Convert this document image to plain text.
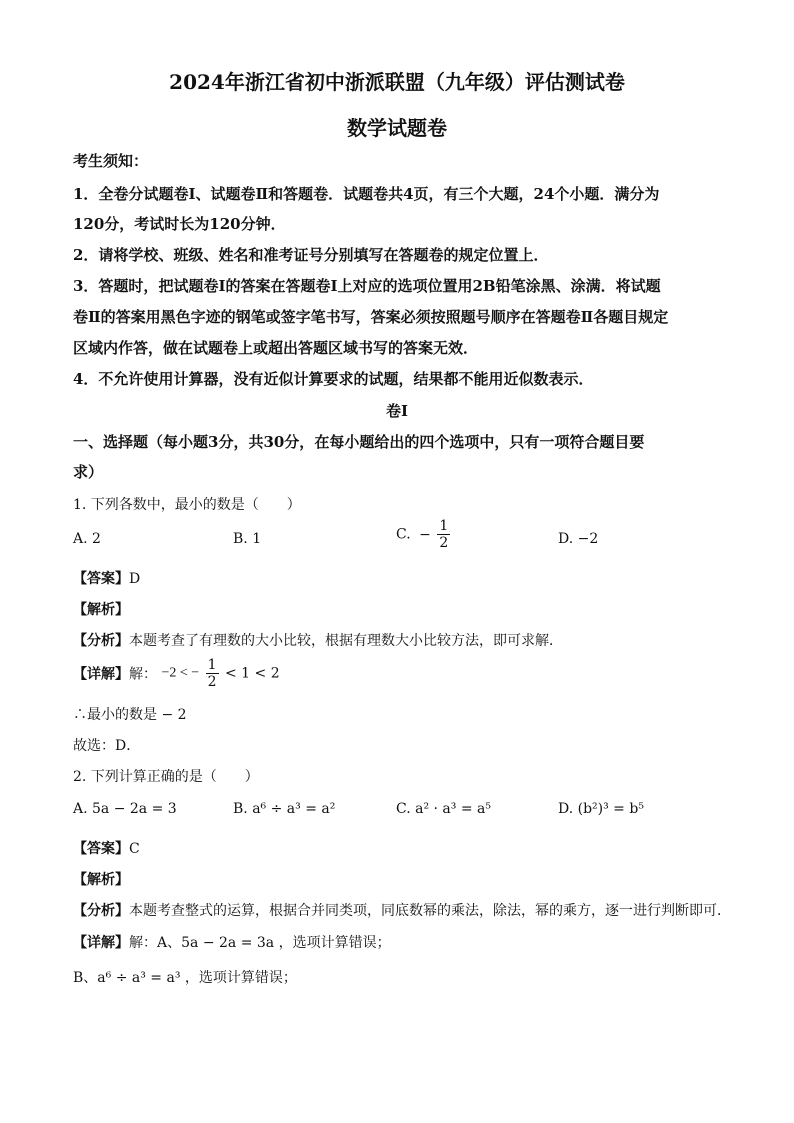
2024年浙江省初中浙派联盟（九年级）评估测试卷
数学试题卷
考生须知：
1．全卷分试题卷Ⅰ、试题卷Ⅱ和答题卷．试题卷共4页，有三个大题，24个小题．满分为
120分，考试时长为120分钟．
2．请将学校、班级、姓名和准考证号分别填写在答题卷的规定位置上．
3．答题时，把试题卷Ⅰ的答案在答题卷Ⅰ上对应的选项位置用2B铅笔涂黑、涂满．将试题
卷Ⅱ的答案用黑色字迹的钢笔或签字笔书写，答案必须按照题号顺序在答题卷Ⅱ各题目规定
区域内作答，做在试题卷上或超出答题区域书写的答案无效．
4．不允许使用计算器，没有近似计算要求的试题，结果都不能用近似数表示．
卷Ⅰ
一、选择题（每小题3分，共30分，在每小题给出的四个选项中，只有一项符合题目要
求）
1. 下列各数中，最小的数是（　　）
A. 2	B. 1	C. − $\frac{1}{2}$	D. −2
【答案】D
【解析】
【分析】本题考查了有理数的大小比较，根据有理数大小比较方法，即可求解．
【详解】解： −2 < − $\frac{1}{2} < 1 < 2$
∴最小的数是 − 2
故选：D．
2. 下列计算正确的是（　　）
A. 5a − 2a = 3	B. a⁶ ÷ a³ = a²	C. a² · a³ = a⁵	D. (b²)³ = b⁵
【答案】C
【解析】
【分析】本题考查整式的运算，根据合并同类项，同底数幂的乘法，除法，幂的乘方，逐一进行判断即可．
【详解】解：A、5a − 2a = 3a ，选项计算错误；
B、a⁶ ÷ a³ = a³ ，选项计算错误；
